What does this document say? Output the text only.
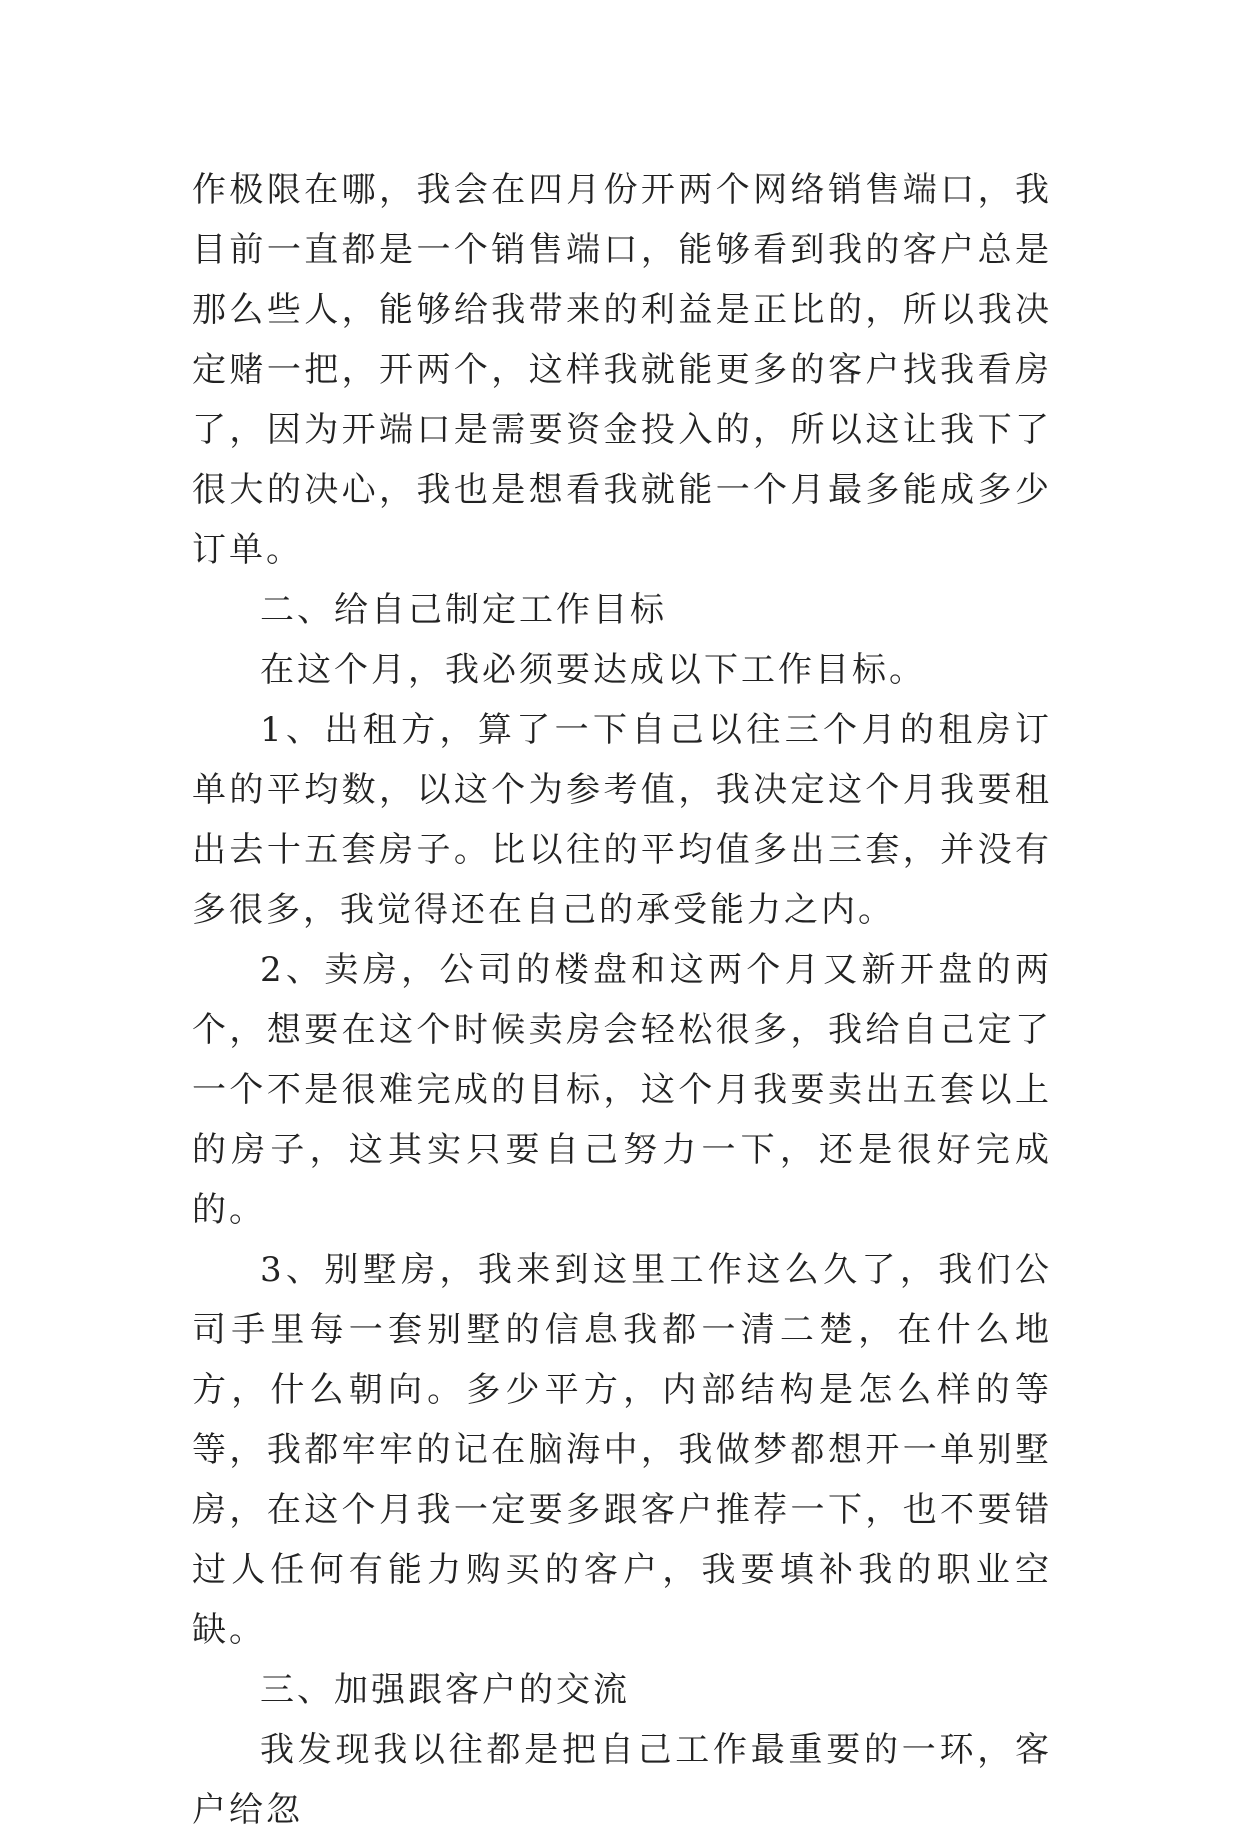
作极限在哪，我会在四月份开两个网络销售端口，我目前一直都是一个销售端口，能够看到我的客户总是那么些人，能够给我带来的利益是正比的，所以我决定赌一把，开两个，这样我就能更多的客户找我看房了，因为开端口是需要资金投入的，所以这让我下了很大的决心，我也是想看我就能一个月最多能成多少订单。

二、给自己制定工作目标

在这个月，我必须要达成以下工作目标。

1、出租方，算了一下自己以往三个月的租房订单的平均数，以这个为参考值，我决定这个月我要租出去十五套房子。比以往的平均值多出三套，并没有多很多，我觉得还在自己的承受能力之内。

2、卖房，公司的楼盘和这两个月又新开盘的两个，想要在这个时候卖房会轻松很多，我给自己定了一个不是很难完成的目标，这个月我要卖出五套以上的房子，这其实只要自己努力一下，还是很好完成的。

3、别墅房，我来到这里工作这么久了，我们公司手里每一套别墅的信息我都一清二楚，在什么地方，什么朝向。多少平方，内部结构是怎么样的等等，我都牢牢的记在脑海中，我做梦都想开一单别墅房，在这个月我一定要多跟客户推荐一下，也不要错过人任何有能力购买的客户，我要填补我的职业空缺。

三、加强跟客户的交流

我发现我以往都是把自己工作最重要的一环，客户给忽
